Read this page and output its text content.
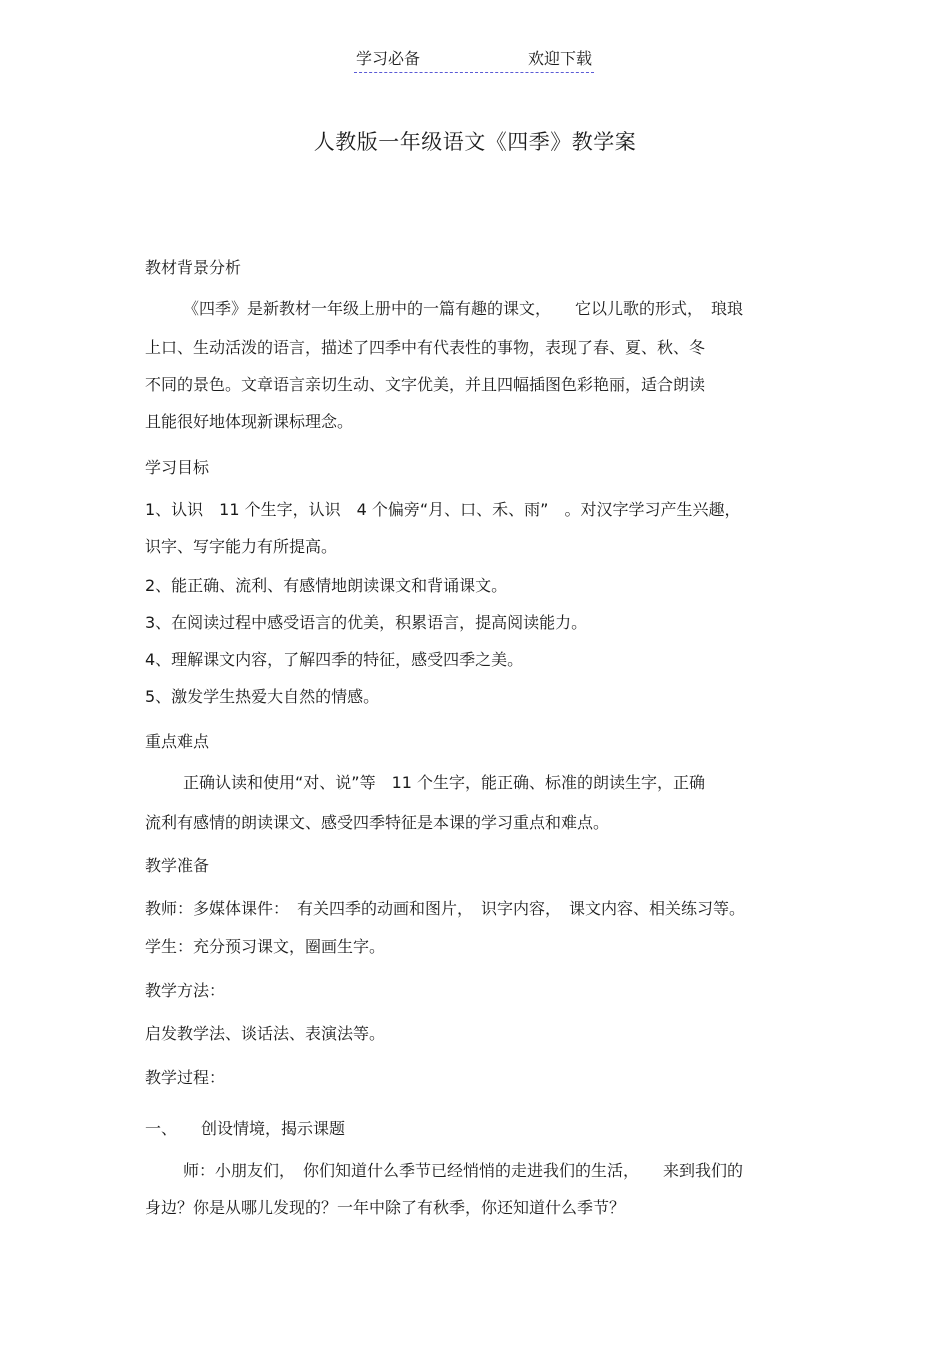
学习必备	欢迎下载
人教版一年级语文《四季》教学案
教材背景分析
《四季》是新教材一年级上册中的一篇有趣的课文，　　它以儿歌的形式，　琅琅
上口、生动活泼的语言，描述了四季中有代表性的事物，表现了春、夏、秋、冬
不同的景色。文章语言亲切生动、文字优美，并且四幅插图色彩艳丽，适合朗读
且能很好地体现新课标理念。
学习目标
1、认识　11 个生字，认识　4 个偏旁“月、口、禾、雨”　。对汉字学习产生兴趣，
识字、写字能力有所提高。
2、能正确、流利、有感情地朗读课文和背诵课文。
3、在阅读过程中感受语言的优美，积累语言，提高阅读能力。
4、理解课文内容，了解四季的特征，感受四季之美。
5、激发学生热爱大自然的情感。
重点难点
正确认读和使用“对、说”等　11 个生字，能正确、标准的朗读生字，正确
流利有感情的朗读课文、感受四季特征是本课的学习重点和难点。
教学准备
教师：多媒体课件：　有关四季的动画和图片，　识字内容，　课文内容、相关练习等。
学生：充分预习课文，圈画生字。
教学方法：
启发教学法、谈话法、表演法等。
教学过程：
一、　　创设情境，揭示课题
师：小朋友们，　你们知道什么季节已经悄悄的走进我们的生活，　　来到我们的
身边？你是从哪儿发现的？一年中除了有秋季，你还知道什么季节？
